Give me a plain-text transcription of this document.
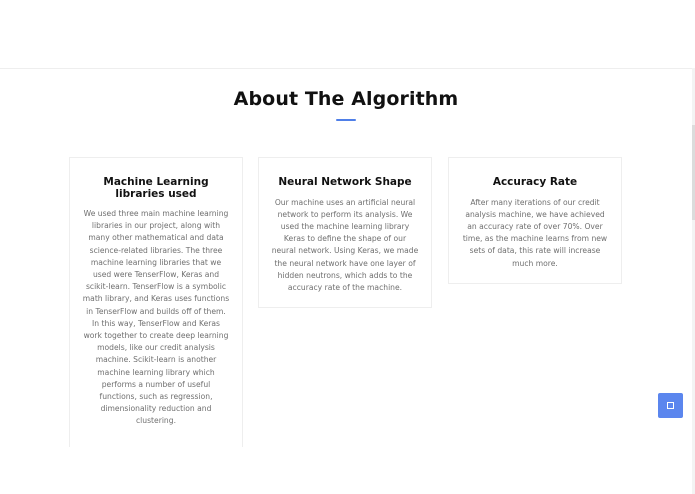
About The Algorithm
Machine Learning libraries used

We used three main machine learning libraries in our project, along with many other mathematical and data science-related libraries. The three machine learning libraries that we used were TenserFlow, Keras and scikit-learn. TenserFlow is a symbolic math library, and Keras uses functions in TenserFlow and builds off of them. In this way, TenserFlow and Keras work together to create deep learning models, like our credit analysis machine. Scikit-learn is another machine learning library which performs a number of useful functions, such as regression, dimensionality reduction and clustering.

Neural Network Shape

Our machine uses an artificial neural network to perform its analysis. We used the machine learning library Keras to define the shape of our neural network. Using Keras, we made the neural network have one layer of hidden neutrons, which adds to the accuracy rate of the machine.

Accuracy Rate

After many iterations of our credit analysis machine, we have achieved an accuracy rate of over 70%. Over time, as the machine learns from new sets of data, this rate will increase much more.
